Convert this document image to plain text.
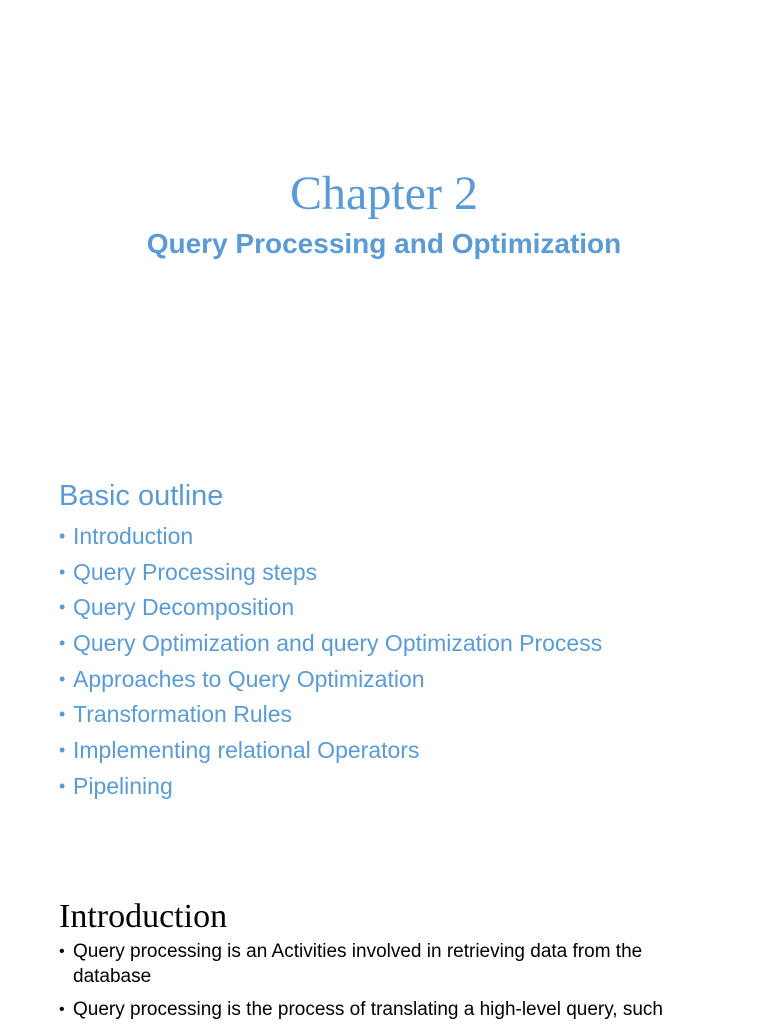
Chapter 2
Query Processing and Optimization
Basic outline
• Introduction
• Query Processing steps
• Query Decomposition
• Query Optimization and query Optimization Process
• Approaches to Query Optimization
• Transformation Rules
• Implementing relational Operators
• Pipelining
Introduction
• Query processing is an Activities involved in retrieving data from the database
• Query processing is the process of translating a high-level query, such
